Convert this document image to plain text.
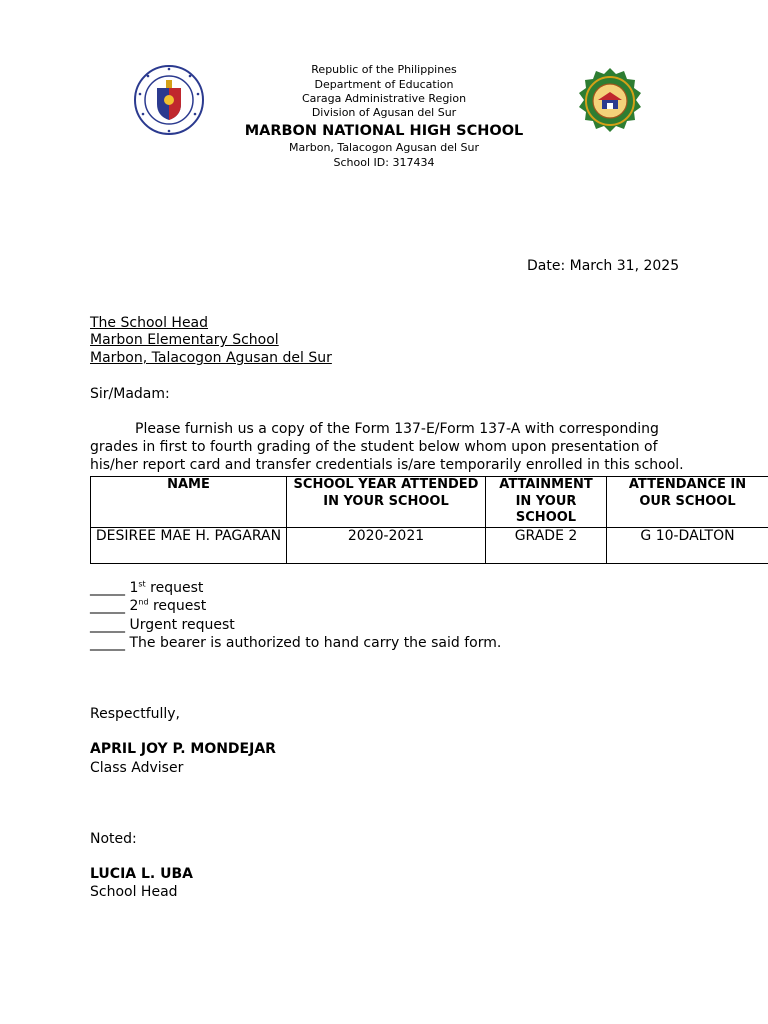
Republic of the Philippines
Department of Education
Caraga Administrative Region
Division of Agusan del Sur
MARBON NATIONAL HIGH SCHOOL
Marbon, Talacogon Agusan del Sur
School ID: 317434
Date: March 31, 2025
The School Head
Marbon Elementary School
Marbon, Talacogon Agusan del Sur
Sir/Madam:
Please furnish us a copy of the Form 137-E/Form 137-A with corresponding
grades in first to fourth grading of the student below whom upon presentation of
his/her report card and transfer credentials is/are temporarily enrolled in this school.
NAME	SCHOOL YEAR ATTENDED IN YOUR SCHOOL	ATTAINMENT IN YOUR SCHOOL	ATTENDANCE IN OUR SCHOOL
DESIREE MAE H. PAGARAN	2020-2021	GRADE 2	G 10-DALTON
_____ 1st request
_____ 2nd request
_____ Urgent request
_____ The bearer is authorized to hand carry the said form.
Respectfully,
APRIL JOY P. MONDEJAR
Class Adviser
Noted:
LUCIA L. UBA
School Head
